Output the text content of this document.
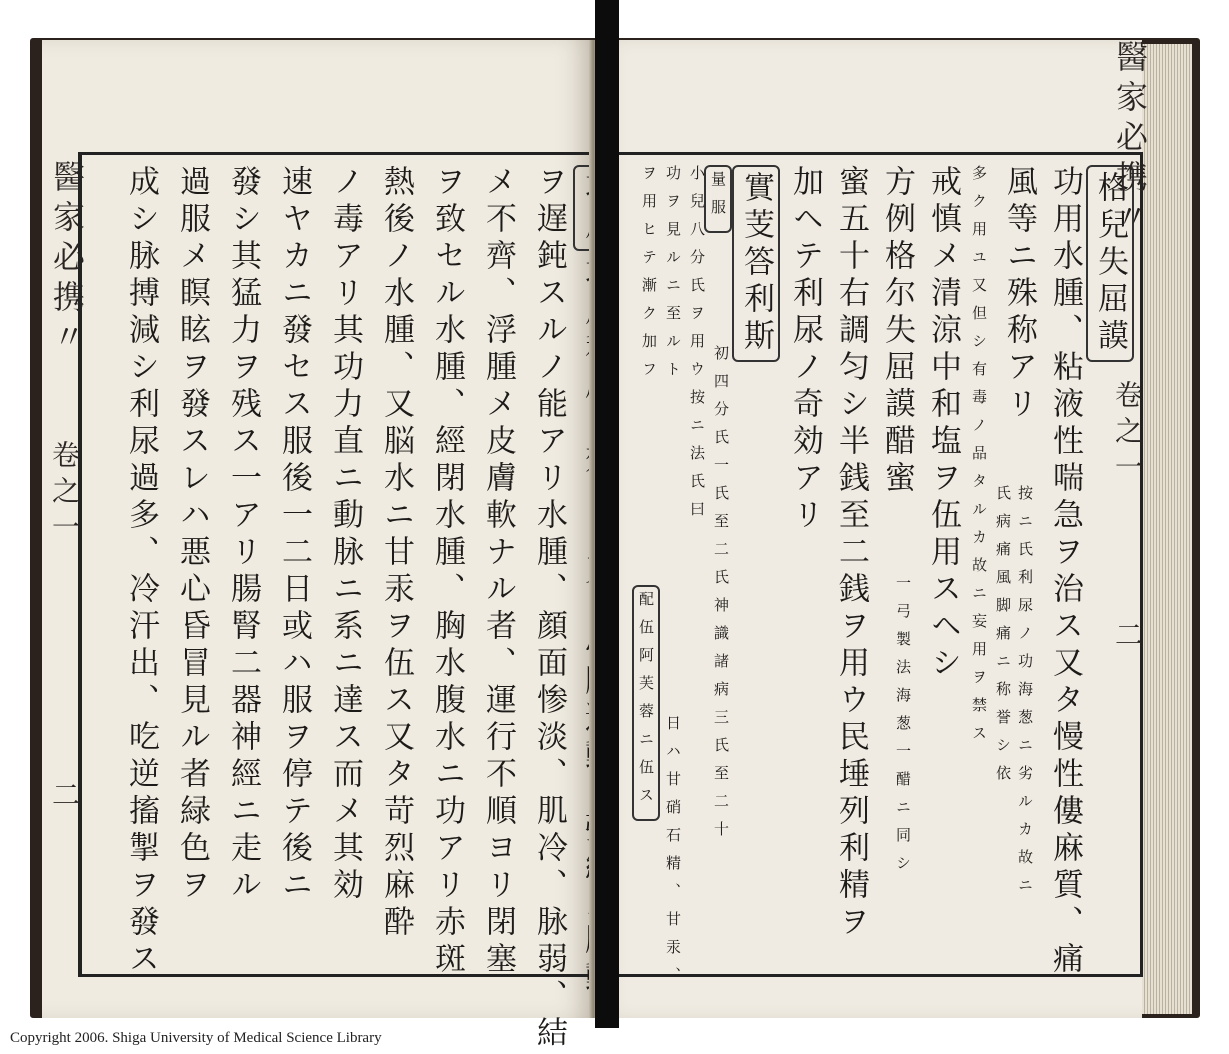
醫家必携〃
卷之一
二	ヲ遅鈍スルノ能アリ水腫、顔面惨淡、肌冷、脉弱、結
メ不齊、浮腫メ皮膚軟ナル者、運行不順ヨリ閉塞
ヲ致セル水腫、經閉水腫、胸水腹水ニ功アリ赤斑
熱後ノ水腫、又脳水ニ甘汞ヲ伍ス又タ苛烈麻酔
ノ毒アリ其功力直ニ動脉ニ系ニ達ス而メ其効
速ヤカニ發セス服後一二日或ハ服ヲ停テ後ニ
發シ其猛力ヲ残ス一アリ腸腎二器神經ニ走ル
過服メ瞑眩ヲ發スレハ悪心昏冒見ル者緑色ヲ
成シ脉搏減シ利尿過多、冷汗出、吃逆搐掣ヲ發ス	格兒失屈謨
功用水腫、粘液性喘急ヲ治ス又タ慢性僂麻質、痛
風等ニ殊称アリ
按ニ氏利尿ノ功海葱ニ劣ルカ故ニ
氏病痛風脚痛ニ称誉シ依
多ク用ユ又但シ有毒ノ品タルカ故ニ妄用ヲ禁ス
戒慎メ清涼中和塩ヲ伍用スヘシ
方例格尔失屈謨醋蜜
一弓製法海葱一醋ニ同シ
蜜五十右調匀シ半銭至二銭ヲ用ウ民埵列利精ヲ
加ヘテ利尿ノ奇効アリ
實芰答利斯
量服
初四分氏一氏至二氏神識諸病三氏至二十
小兒八分氏ヲ用ウ按ニ法氏曰
日ハ甘硝石精、甘汞、
ヲ用ヒテ漸ク加フ 功ヲ見ルニ至ルト
配伍阿芙蓉ニ伍ス
醫家必携〃
卷之一
二
Copyright 2006. Shiga University of Medical Science Library
